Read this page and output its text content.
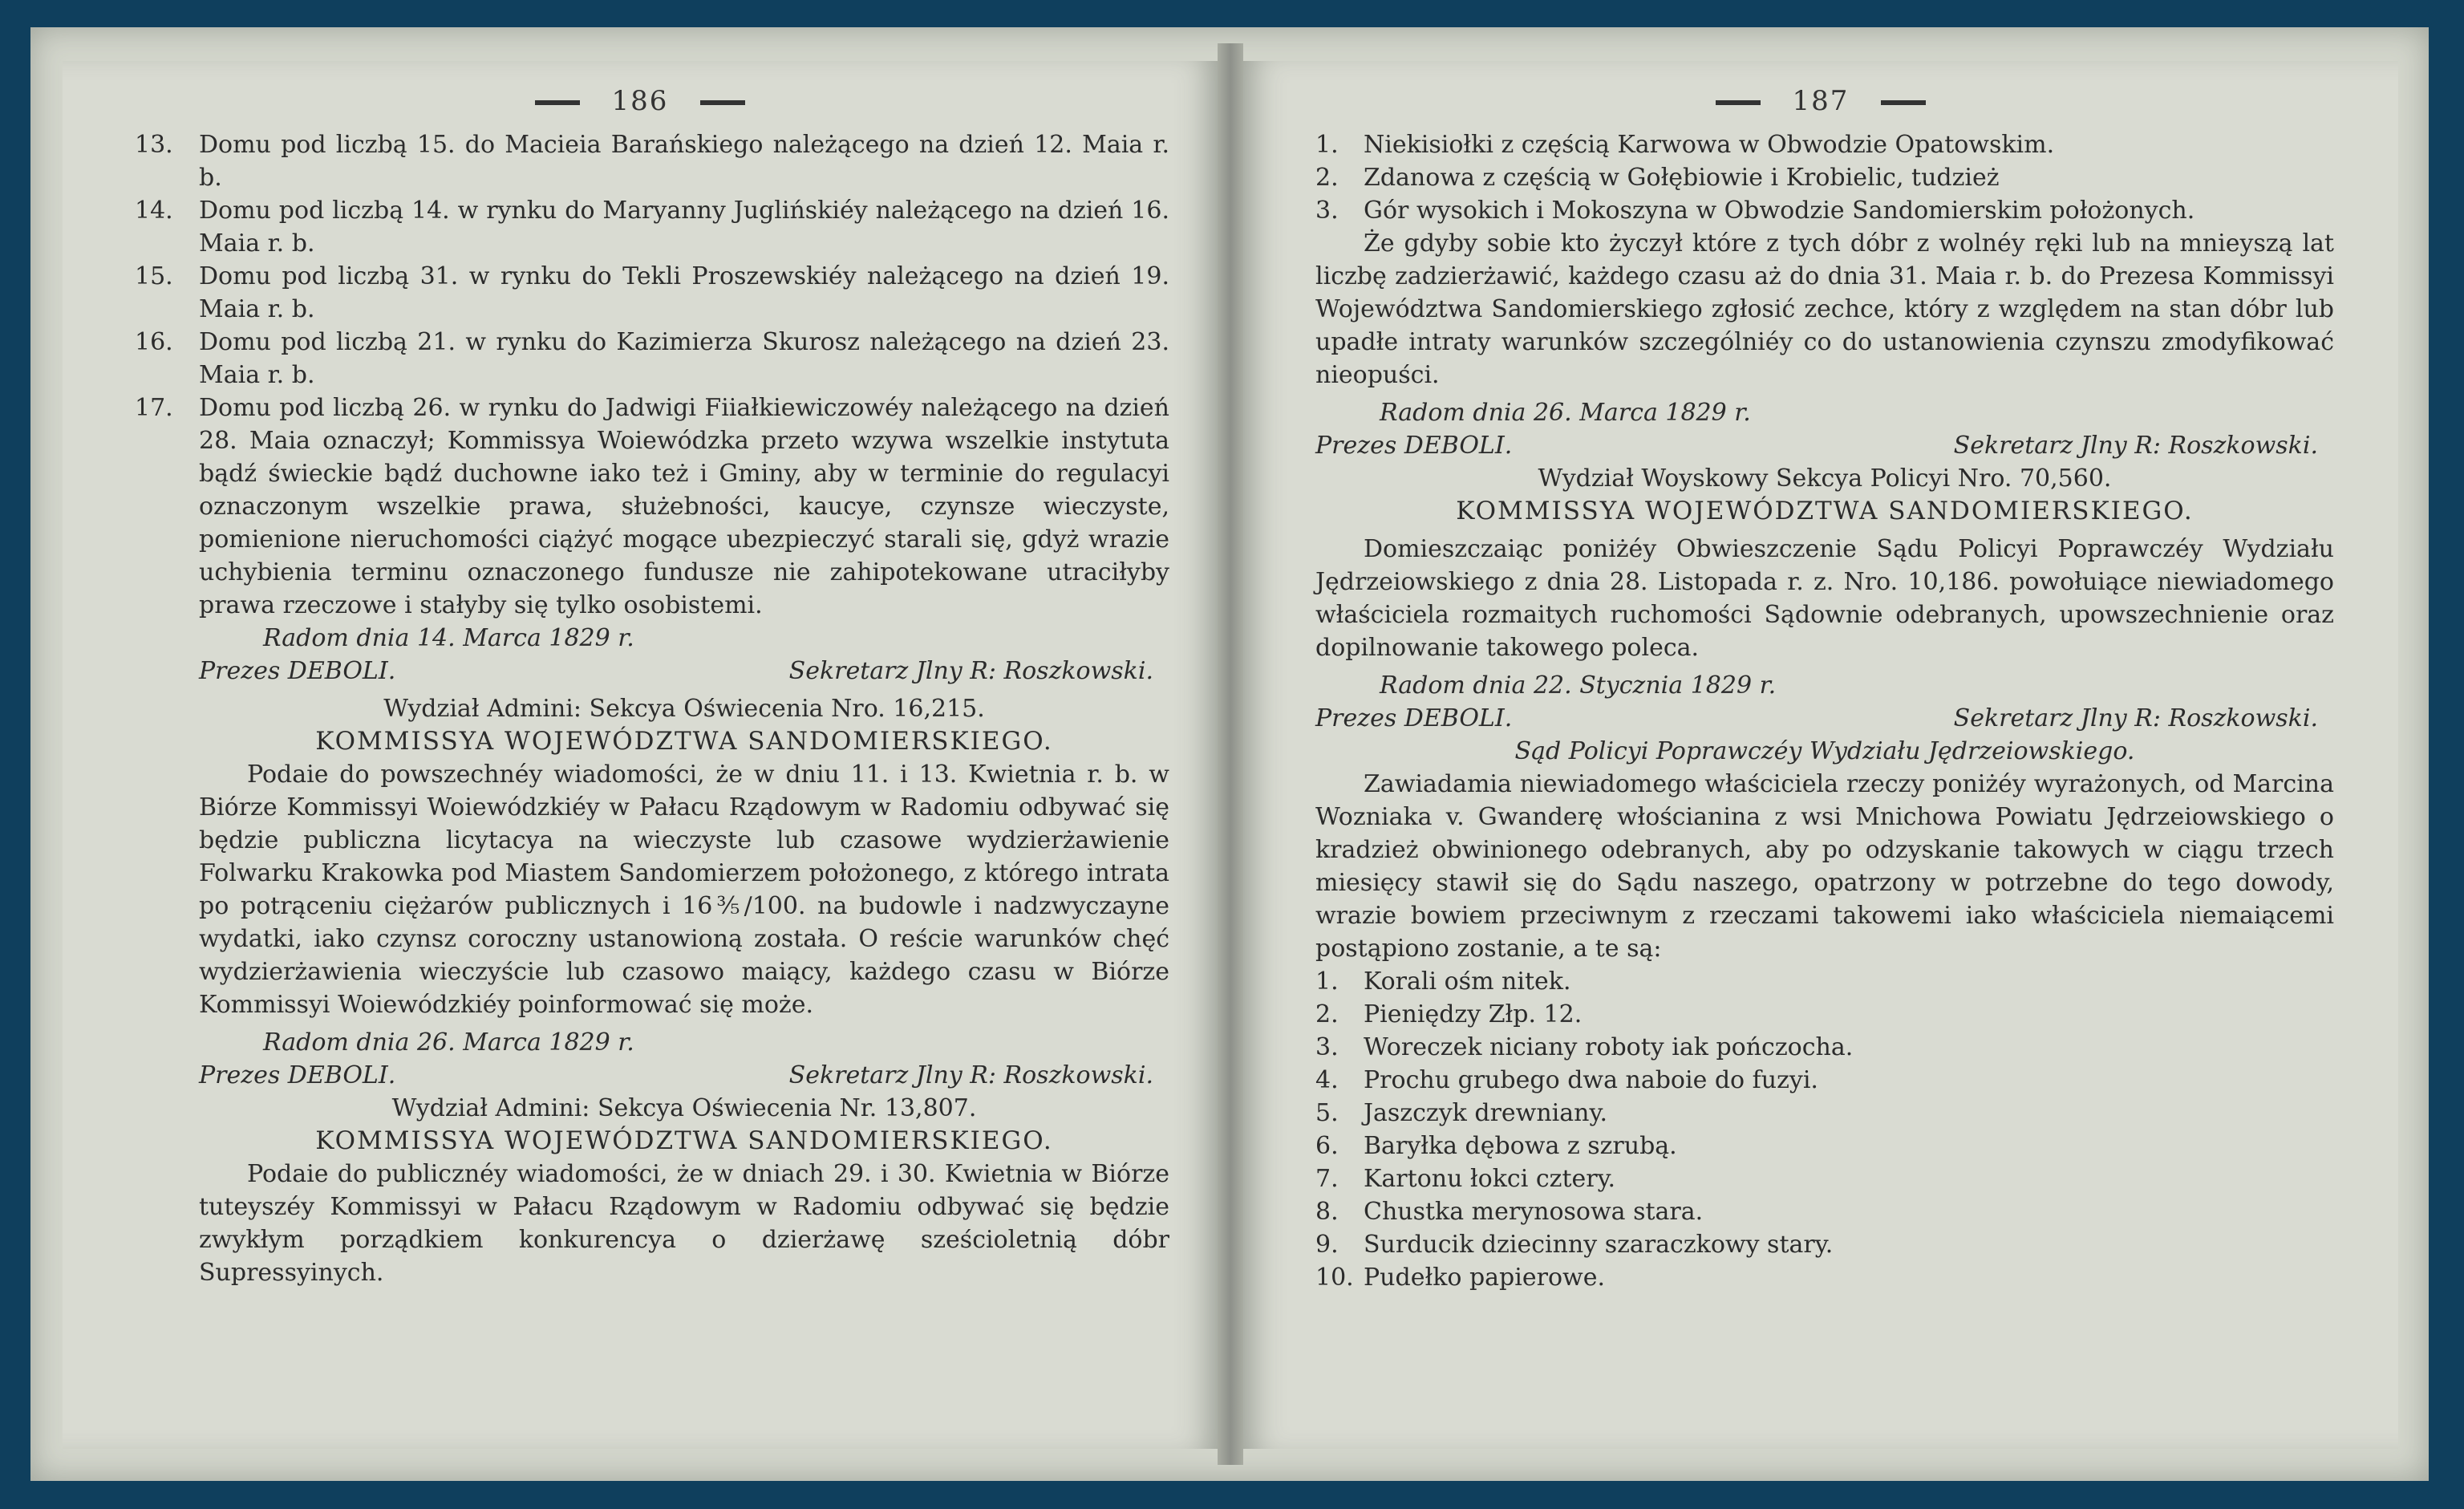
186

13. Domu pod liczbą 15. do Macieia Barańskiego należącego na dzień 12. Maia r. b.

14. Domu pod liczbą 14. w rynku do Maryanny Juglińskiéy należącego na dzień 16. Maia r. b.

15. Domu pod liczbą 31. w rynku do Tekli Proszewskiéy należącego na dzień 19. Maia r. b.

16. Domu pod liczbą 21. w rynku do Kazimierza Skurosz należącego na dzień 23. Maia r. b.

17. Domu pod liczbą 26. w rynku do Jadwigi Fiiałkiewiczowéy należącego na dzień 28. Maia oznaczył; Kommissya Woiewódzka przeto wzywa wszelkie instytuta bądź świeckie bądź duchowne iako też i Gminy, aby w terminie do regulacyi oznaczonym wszelkie prawa, służebności, kaucye, czynsze wieczyste, pomienione nieruchomości ciążyć mogące ubezpieczyć starali się, gdyż wrazie uchybienia terminu oznaczonego fundusze nie zahipotekowane utraciłyby prawa rzeczowe i stałyby się tylko osobistemi.

Radom dnia 14. Marca 1829 r.
Prezes DEBOLI.	Sekretarz Jlny R: Roszkowski.
Wydział Admini: Sekcya Oświecenia Nro. 16,215.
KOMMISSYA WOJEWÓDZTWA SANDOMIERSKIEGO.

Podaie do powszechnéy wiadomości, że w dniu 11. i 13. Kwietnia r. b. w Biórze Kommissyi Woiewódzkiéy w Pałacu Rządowym w Radomiu odbywać się będzie publiczna licytacya na wieczyste lub czasowe wydzierżawienie Folwarku Krakowka pod Miastem Sandomierzem położonego, z którego intrata po potrąceniu ciężarów publicznych i 16⅗/100. na budowle i nadzwyczayne wydatki, iako czynsz coroczny ustanowioną została. O reście warunków chęć wydzierżawienia wieczyście lub czasowo maiący, każdego czasu w Biórze Kommissyi Woiewódzkiéy poinformować się może.

Radom dnia 26. Marca 1829 r.
Prezes DEBOLI.	Sekretarz Jlny R: Roszkowski.
Wydział Admini: Sekcya Oświecenia Nr. 13,807.
KOMMISSYA WOJEWÓDZTWA SANDOMIERSKIEGO.

Podaie do publicznéy wiadomości, że w dniach 29. i 30. Kwietnia w Biórze tuteyszéy Kommissyi w Pałacu Rządowym w Radomiu odbywać się będzie zwykłym porządkiem konkurencya o dzierżawę sześcioletnią dóbr Supressyinych.

187
1. Niekisiołki z częścią Karwowa w Obwodzie Opatowskim.
2. Zdanowa z częścią w Gołębiowie i Krobielic, tudzież
3. Gór wysokich i Mokoszyna w Obwodzie Sandomierskim położonych.

Że gdyby sobie kto życzył które z tych dóbr z wolnéy ręki lub na mnieyszą lat liczbę zadzierżawić, każdego czasu aż do dnia 31. Maia r. b. do Prezesa Kommissyi Województwa Sandomierskiego zgłosić zechce, który z względem na stan dóbr lub upadłe intraty warunków szczególniéy co do ustanowienia czynszu zmodyfikować nieopuści.

Radom dnia 26. Marca 1829 r.
Prezes DEBOLI.	Sekretarz Jlny R: Roszkowski.
Wydział Woyskowy Sekcya Policyi Nro. 70,560.
KOMMISSYA WOJEWÓDZTWA SANDOMIERSKIEGO.

Domieszczaiąc poniżéy Obwieszczenie Sądu Policyi Poprawczéy Wydziału Jędrzeiowskiego z dnia 28. Listopada r. z. Nro. 10,186. powołuiące niewiadomego właściciela rozmaitych ruchomości Sądownie odebranych, upowszechnienie oraz dopilnowanie takowego poleca.

Radom dnia 22. Stycznia 1829 r.
Prezes DEBOLI.	Sekretarz Jlny R: Roszkowski.
Sąd Policyi Poprawczéy Wydziału Jędrzeiowskiego.

Zawiadamia niewiadomego właściciela rzeczy poniżéy wyrażonych, od Marcina Wozniaka v. Gwanderę włościanina z wsi Mnichowa Powiatu Jędrzeiowskiego o kradzież obwinionego odebranych, aby po odzyskanie takowych w ciągu trzech miesięcy stawił się do Sądu naszego, opatrzony w potrzebne do tego dowody, wrazie bowiem przeciwnym z rzeczami takowemi iako właściciela niemaiącemi postąpiono zostanie, a te są:

1. Korali ośm nitek.
2. Pieniędzy Złp. 12.
3. Woreczek niciany roboty iak pończocha.
4. Prochu grubego dwa naboie do fuzyi.
5. Jaszczyk drewniany.
6. Baryłka dębowa z szrubą.
7. Kartonu łokci cztery.
8. Chustka merynosowa stara.
9. Surducik dziecinny szaraczkowy stary.
10. Pudełko papierowe.
